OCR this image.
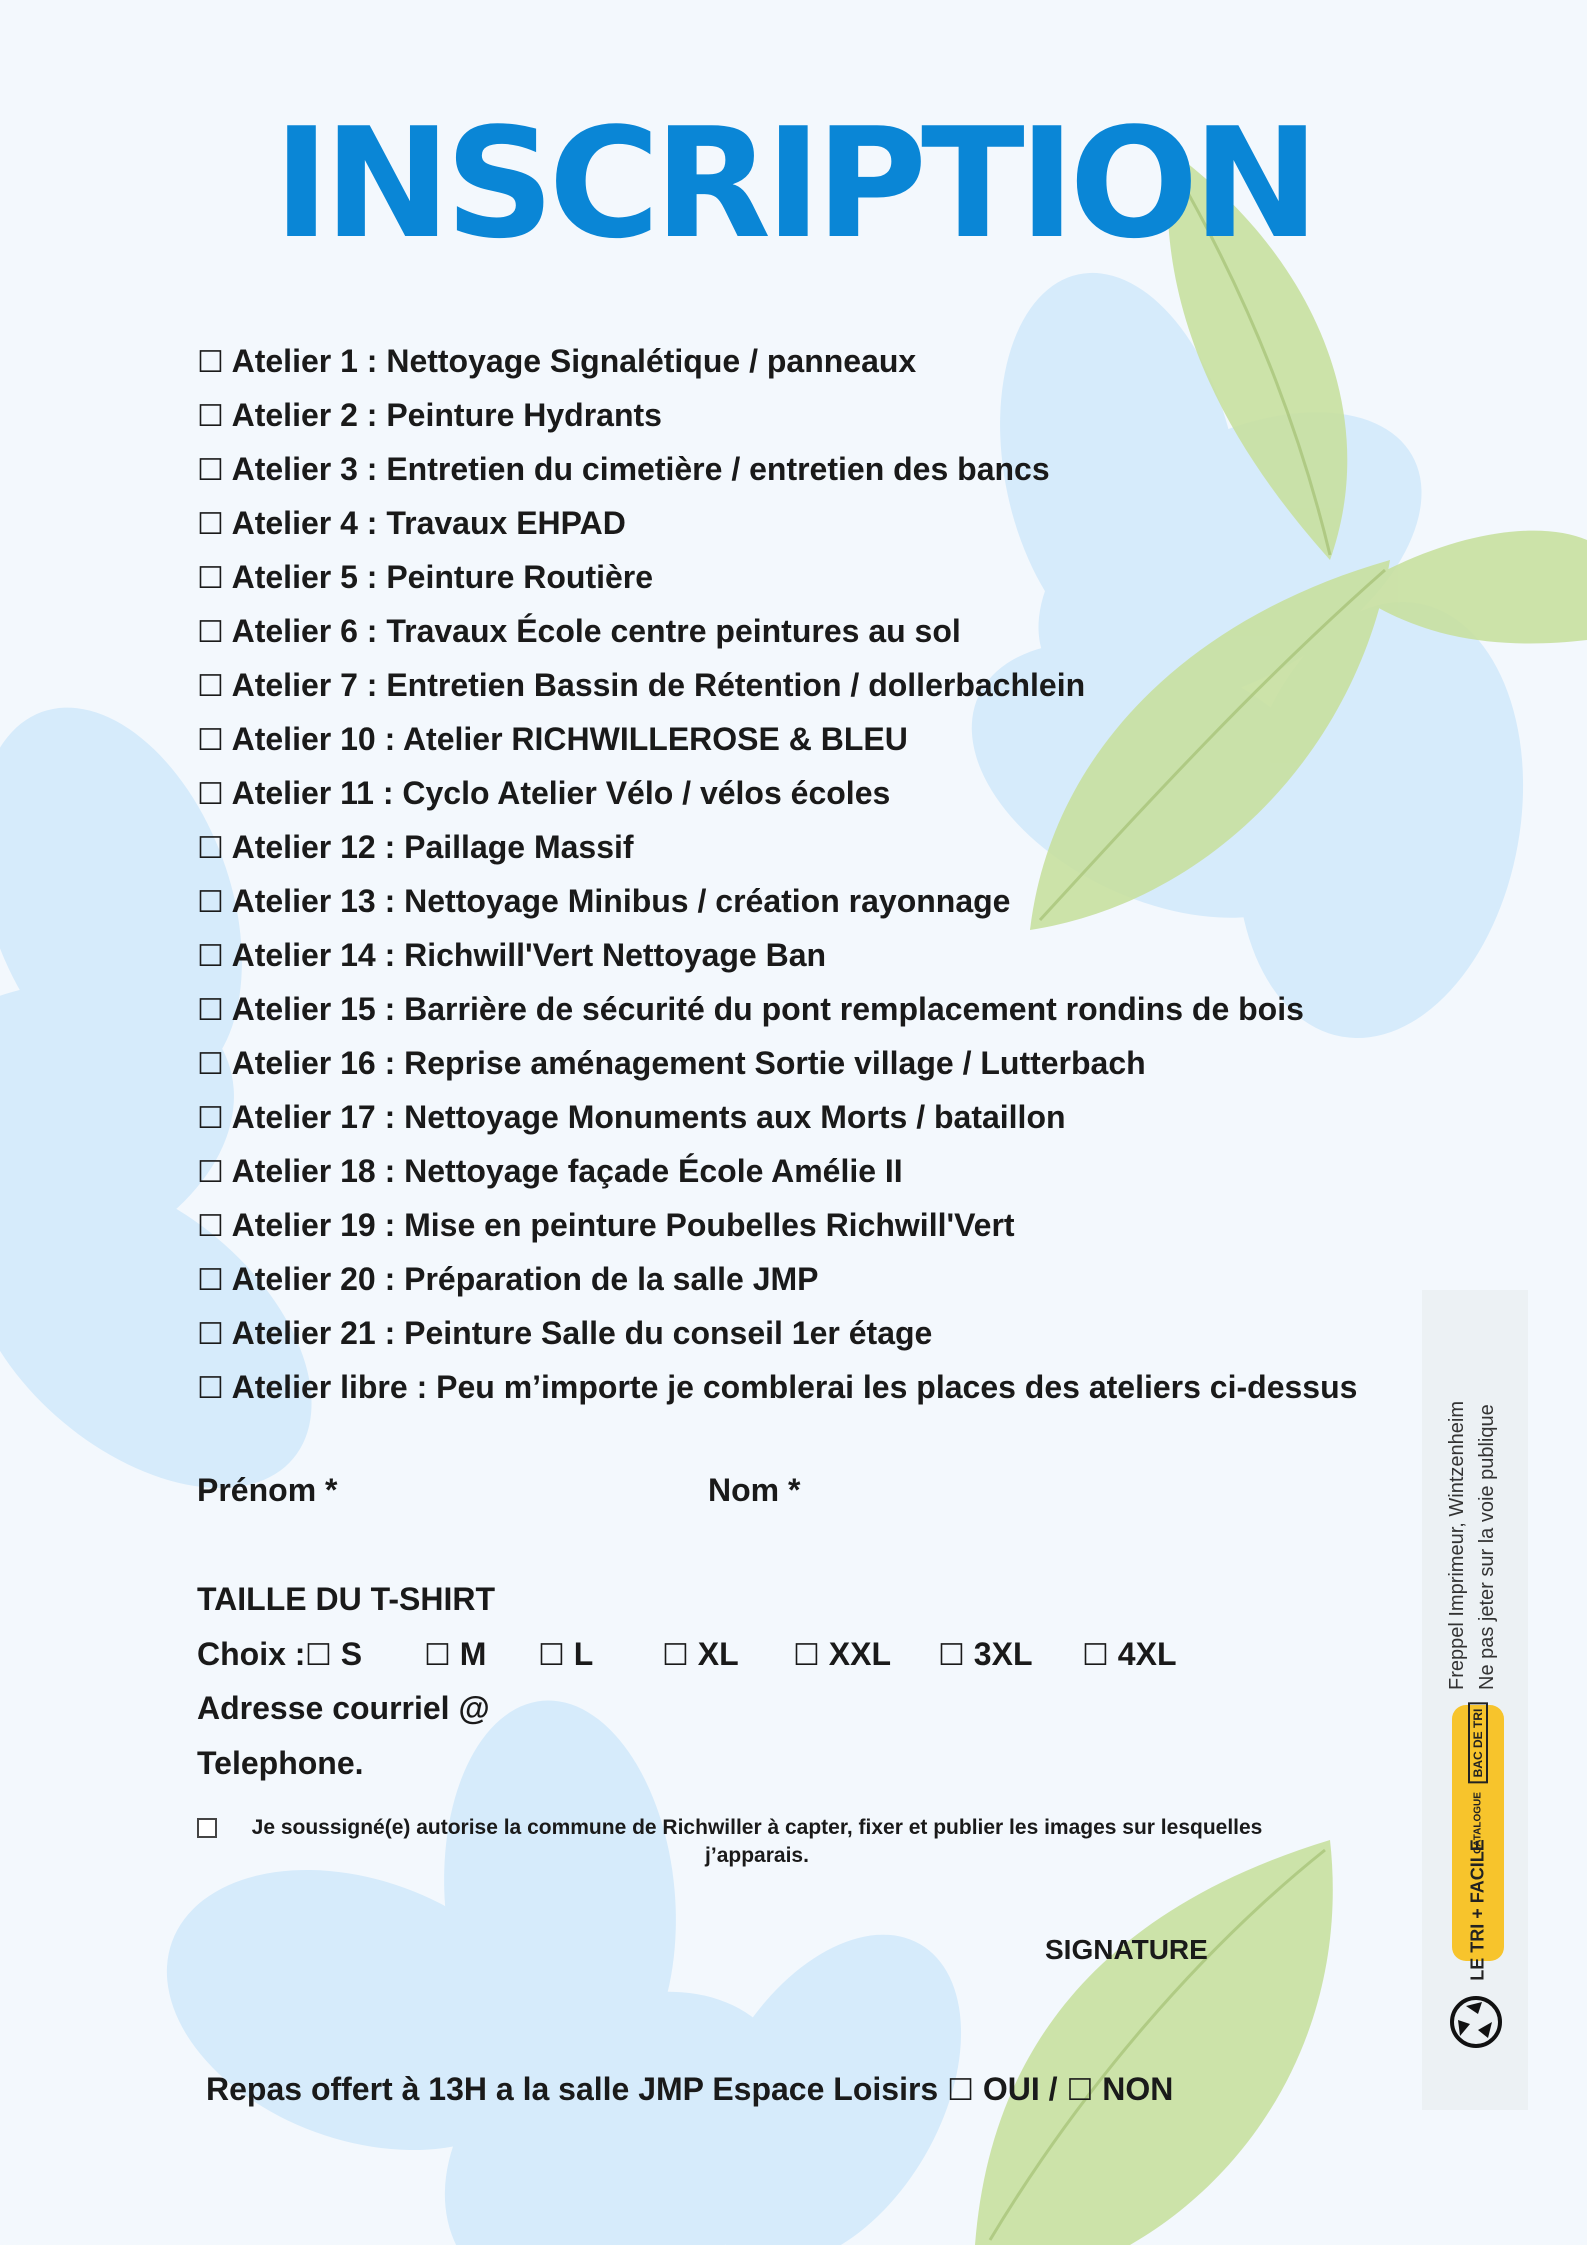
INSCRIPTION
☐ Atelier 1 : Nettoyage Signalétique / panneaux
☐ Atelier 2 : Peinture Hydrants
☐ Atelier 3 : Entretien du cimetière / entretien des bancs
☐ Atelier 4 : Travaux EHPAD
☐ Atelier 5 : Peinture Routière
☐ Atelier 6 : Travaux École centre peintures au sol
☐ Atelier 7 : Entretien Bassin de Rétention / dollerbachlein
☐ Atelier 10 : Atelier RICHWILLEROSE & BLEU
☐ Atelier 11 : Cyclo Atelier Vélo / vélos écoles
☐ Atelier 12 : Paillage Massif
☐ Atelier 13 : Nettoyage Minibus / création rayonnage
☐ Atelier 14 : Richwill'Vert Nettoyage Ban
☐ Atelier 15 : Barrière de sécurité du pont remplacement rondins de bois
☐ Atelier 16 : Reprise aménagement Sortie village / Lutterbach
☐ Atelier 17 : Nettoyage Monuments aux Morts / bataillon
☐ Atelier 18 : Nettoyage façade École Amélie II
☐ Atelier 19 : Mise en peinture Poubelles Richwill'Vert
☐ Atelier 20 : Préparation de la salle JMP
☐ Atelier 21 : Peinture Salle du conseil 1er étage
☐ Atelier libre : Peu m’importe je comblerai les places des ateliers ci-dessus
Prénom *	Nom *
TAILLE DU T-SHIRT
Choix : ☐ S ☐ M ☐ L ☐ XL ☐ XXL ☐ 3XL ☐ 4XL
Adresse courriel @
Telephone.
Je soussigné(e) autorise la commune de Richwiller à capter, fixer et publier les images sur lesquelles j’apparais.
SIGNATURE
Repas offert à 13H a la salle JMP Espace Loisirs ☐ OUI / ☐ NON
Freppel Imprimeur, Wintzenheim Ne pas jeter sur la voie publique
BAC DE TRI
CATALOGUE
LE TRI + FACILE
